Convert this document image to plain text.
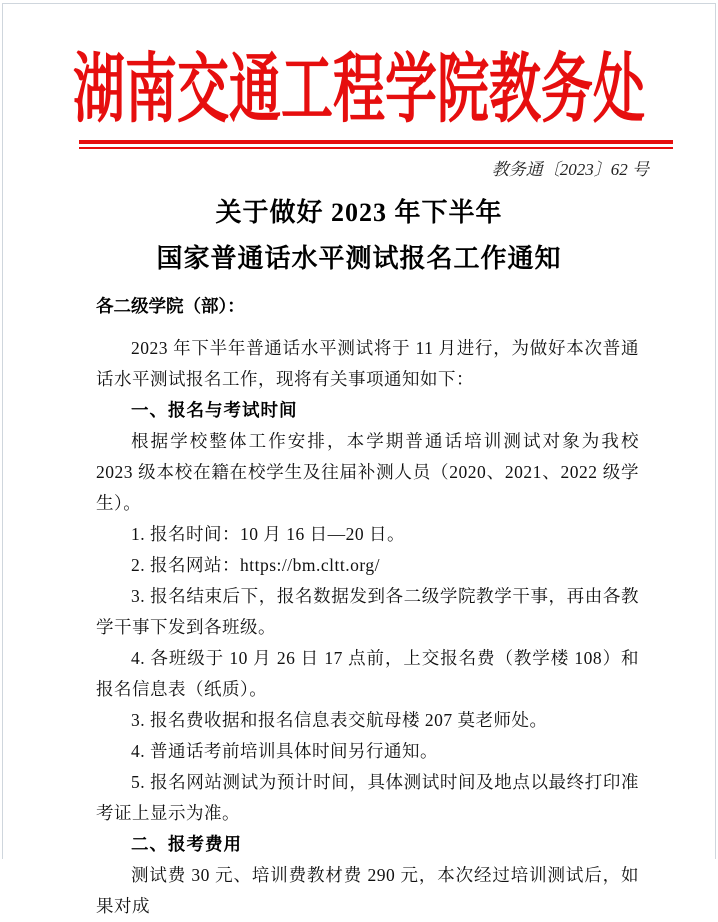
湖南交通工程学院教务处
教务通〔2023〕62 号
关于做好 2023 年下半年
国家普通话水平测试报名工作通知
各二级学院（部）：

2023 年下半年普通话水平测试将于 11 月进行，为做好本次普通话水平测试报名工作，现将有关事项通知如下：

一、报名与考试时间

根据学校整体工作安排，本学期普通话培训测试对象为我校 2023 级本校在籍在校学生及往届补测人员（2020、2021、2022 级学生）。

1. 报名时间：10 月 16 日—20 日。

2. 报名网站：https://bm.cltt.org/

3. 报名结束后下，报名数据发到各二级学院教学干事，再由各教学干事下发到各班级。

4. 各班级于 10 月 26 日 17 点前，上交报名费（教学楼 108）和报名信息表（纸质）。

3. 报名费收据和报名信息表交航母楼 207 莫老师处。

4. 普通话考前培训具体时间另行通知。

5. 报名网站测试为预计时间，具体测试时间及地点以最终打印准考证上显示为准。

二、报考费用

测试费 30 元、培训费教材费 290 元，本次经过培训测试后，如果对成
